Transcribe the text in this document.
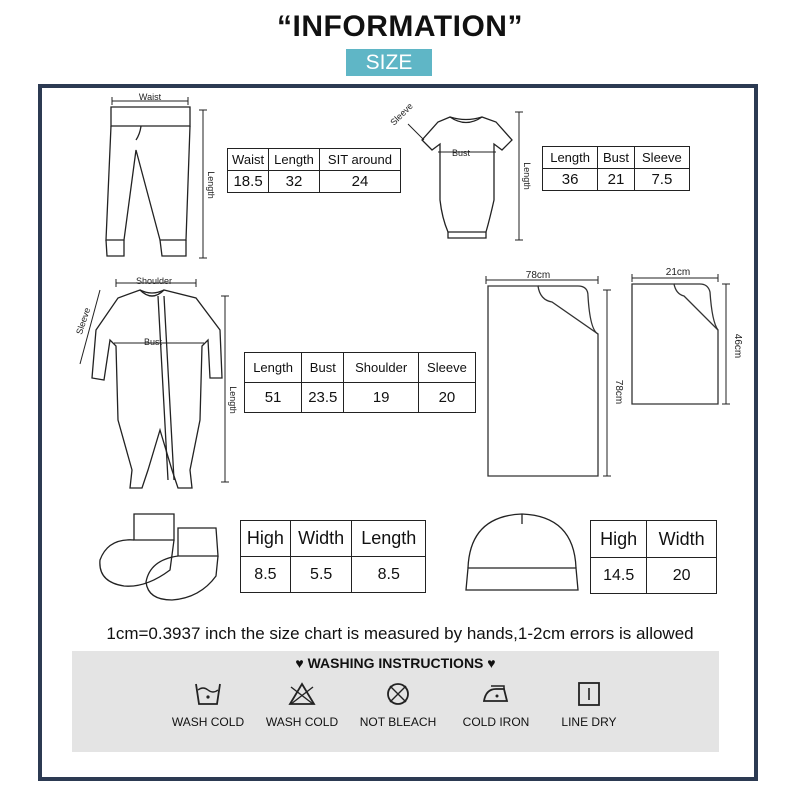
“INFORMATION”
SIZE
Waist
Length
Sleeve
Bust
Length
Shoulder
Sleeve
Bust
Length
78cm
78cm
21cm
46cm
Waist	Length	SIT around
18.5	32	24
Length	Bust	Sleeve
36	21	7.5
Length	Bust	Shoulder	Sleeve
51	23.5	19	20
High	Width	Length
8.5	5.5	8.5
High	Width
14.5	20
1cm=0.3937 inch the size chart is measured by hands,1-2cm errors is allowed
♥ WASHING INSTRUCTIONS ♥
WASH COLD	WASH COLD	NOT BLEACH	COLD IRON	LINE DRY
